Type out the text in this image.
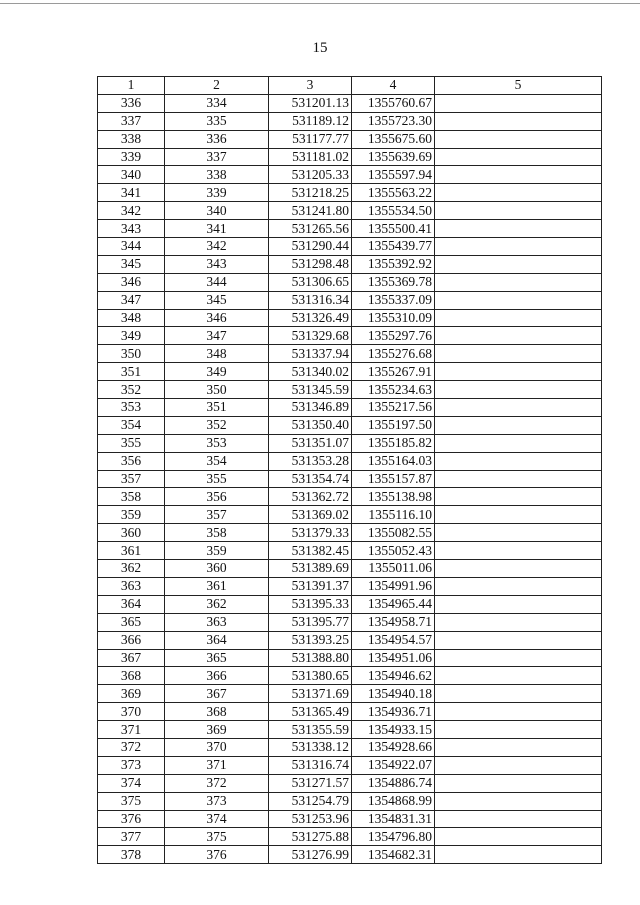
15
1	2	3	4	5
336	334	531201.13	1355760.67	
337	335	531189.12	1355723.30	
338	336	531177.77	1355675.60	
339	337	531181.02	1355639.69	
340	338	531205.33	1355597.94	
341	339	531218.25	1355563.22	
342	340	531241.80	1355534.50	
343	341	531265.56	1355500.41	
344	342	531290.44	1355439.77	
345	343	531298.48	1355392.92	
346	344	531306.65	1355369.78	
347	345	531316.34	1355337.09	
348	346	531326.49	1355310.09	
349	347	531329.68	1355297.76	
350	348	531337.94	1355276.68	
351	349	531340.02	1355267.91	
352	350	531345.59	1355234.63	
353	351	531346.89	1355217.56	
354	352	531350.40	1355197.50	
355	353	531351.07	1355185.82	
356	354	531353.28	1355164.03	
357	355	531354.74	1355157.87	
358	356	531362.72	1355138.98	
359	357	531369.02	1355116.10	
360	358	531379.33	1355082.55	
361	359	531382.45	1355052.43	
362	360	531389.69	1355011.06	
363	361	531391.37	1354991.96	
364	362	531395.33	1354965.44	
365	363	531395.77	1354958.71	
366	364	531393.25	1354954.57	
367	365	531388.80	1354951.06	
368	366	531380.65	1354946.62	
369	367	531371.69	1354940.18	
370	368	531365.49	1354936.71	
371	369	531355.59	1354933.15	
372	370	531338.12	1354928.66	
373	371	531316.74	1354922.07	
374	372	531271.57	1354886.74	
375	373	531254.79	1354868.99	
376	374	531253.96	1354831.31	
377	375	531275.88	1354796.80	
378	376	531276.99	1354682.31	
